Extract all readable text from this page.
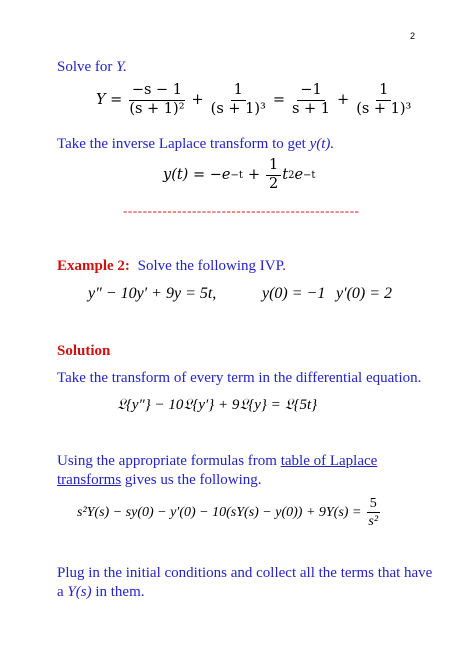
2
Solve for Y.
$Y = \frac{-s - 1}{\text{(s + 1)²}} + \frac{1}{\text{(s + 1)³}} = \frac{-1}{s + 1} + \frac{1}{\text{(s + 1)³}}$
Take the inverse Laplace transform to get y(t).
$y(t) = -e -t + \frac{1}{2}$ t 2 e −t
------------------------------------------------
Example 2: Solve the following IVP.
y″ − 10y′ + 9y = 5t,	y(0) = −1 y′(0) = 2
Solution
Take the transform of every term in the differential equation.
𝔏{y″} − 10𝔏{y′} + 9𝔏{y} = 𝔏{5t}
Using the appropriate formulas from table of Laplace
transforms gives us the following.
$s^2Y(s) - sy(0) - y'(0) - 10(sY(s) - y(0)) + 9Y(s) = \frac{5}{\text{s²}}$
Plug in the initial conditions and collect all the terms that have
a Y(s) in them.
